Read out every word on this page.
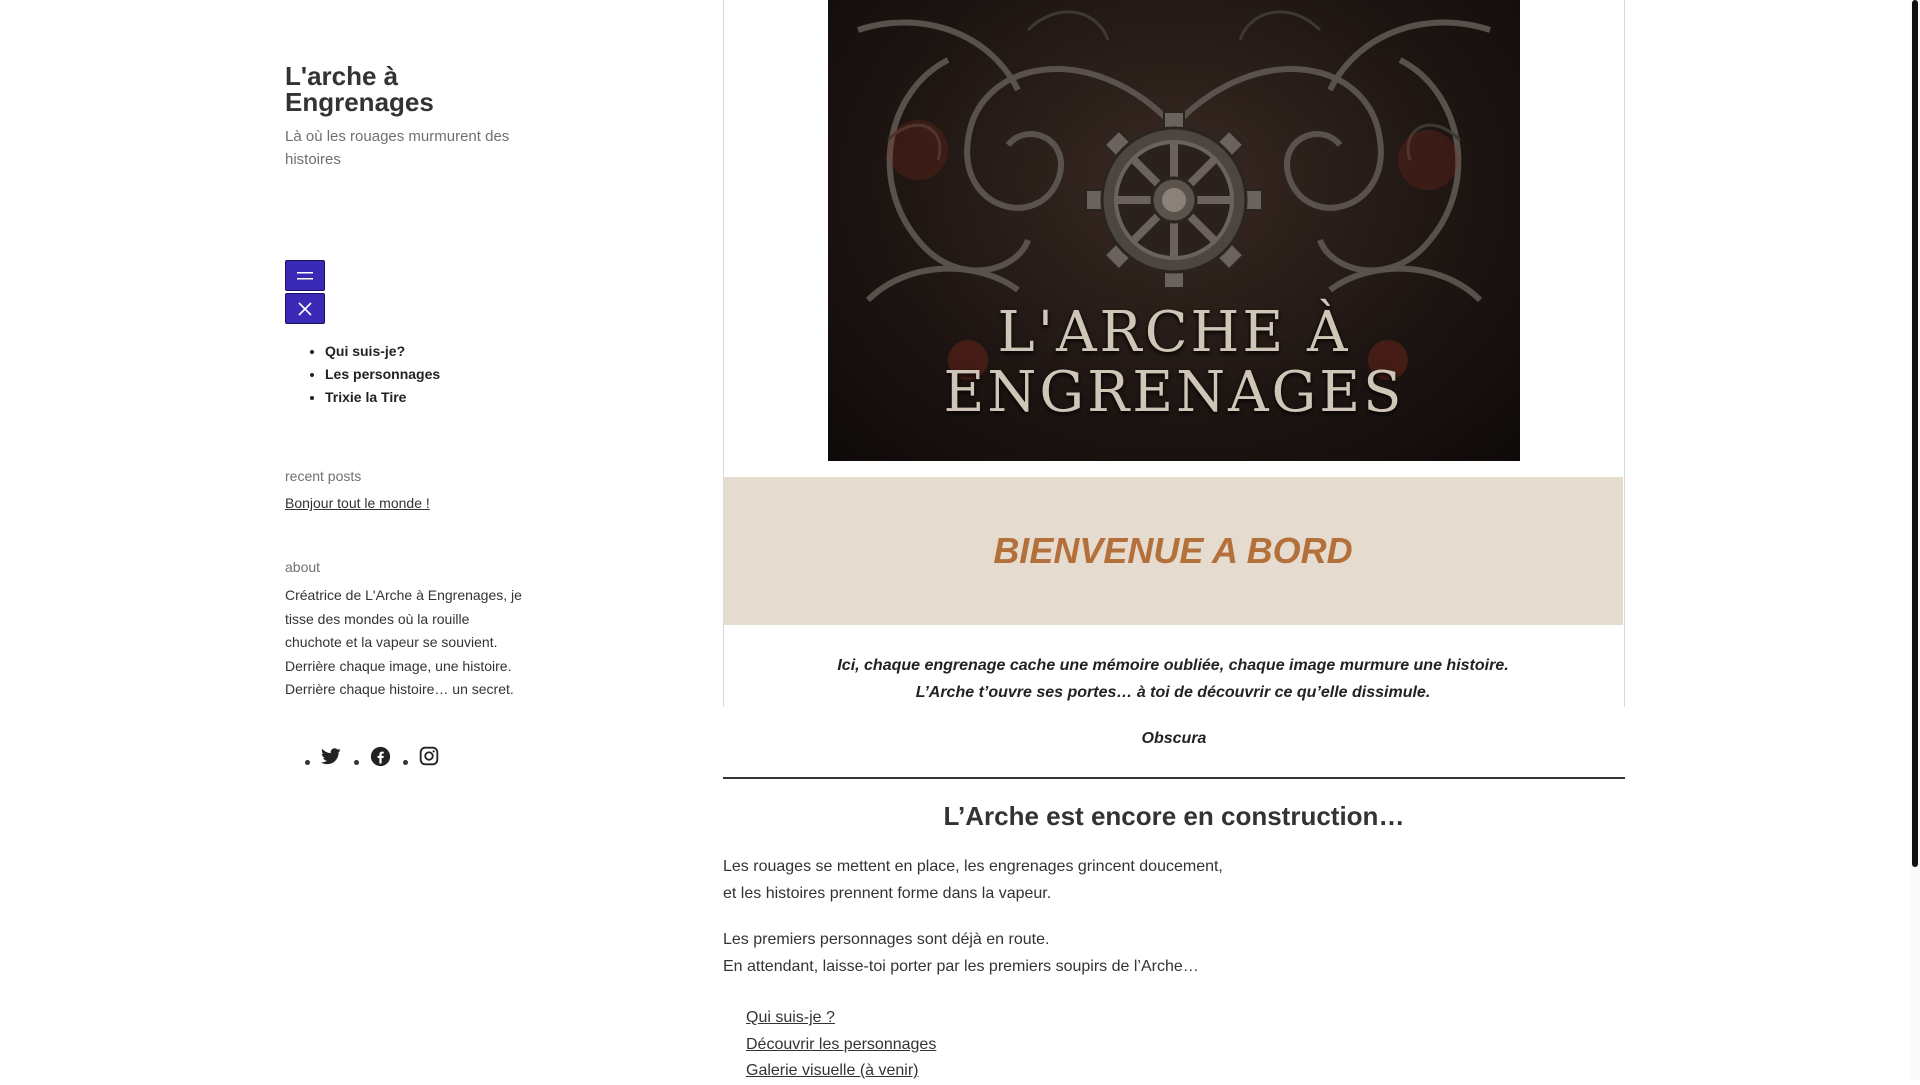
L'arche à Engrenages

Là où les rouages murmurent des histoires

• Qui suis-je?
• Les personnages
• Trixie la Tire
recent posts
Bonjour tout le monde !
about

Créatrice de L'Arche à Engrenages, je tisse des mondes où la rouille chuchote et la vapeur se souvient. Derrière chaque image, une histoire. Derrière chaque histoire… un secret.

L'ARCHE À
ENGRENAGES
BIENVENUE A BORD

Ici, chaque engrenage cache une mémoire oubliée, chaque image murmure une histoire.
L’Arche t’ouvre ses portes… à toi de découvrir ce qu’elle dissimule.

Obscura

L’Arche est encore en construction…

Les rouages se mettent en place, les engrenages grincent doucement,
et les histoires prennent forme dans la vapeur.

Les premiers personnages sont déjà en route.
En attendant, laisse-toi porter par les premiers soupirs de l’Arche…

Qui suis-je ?
Découvrir les personnages
Galerie visuelle (à venir)
